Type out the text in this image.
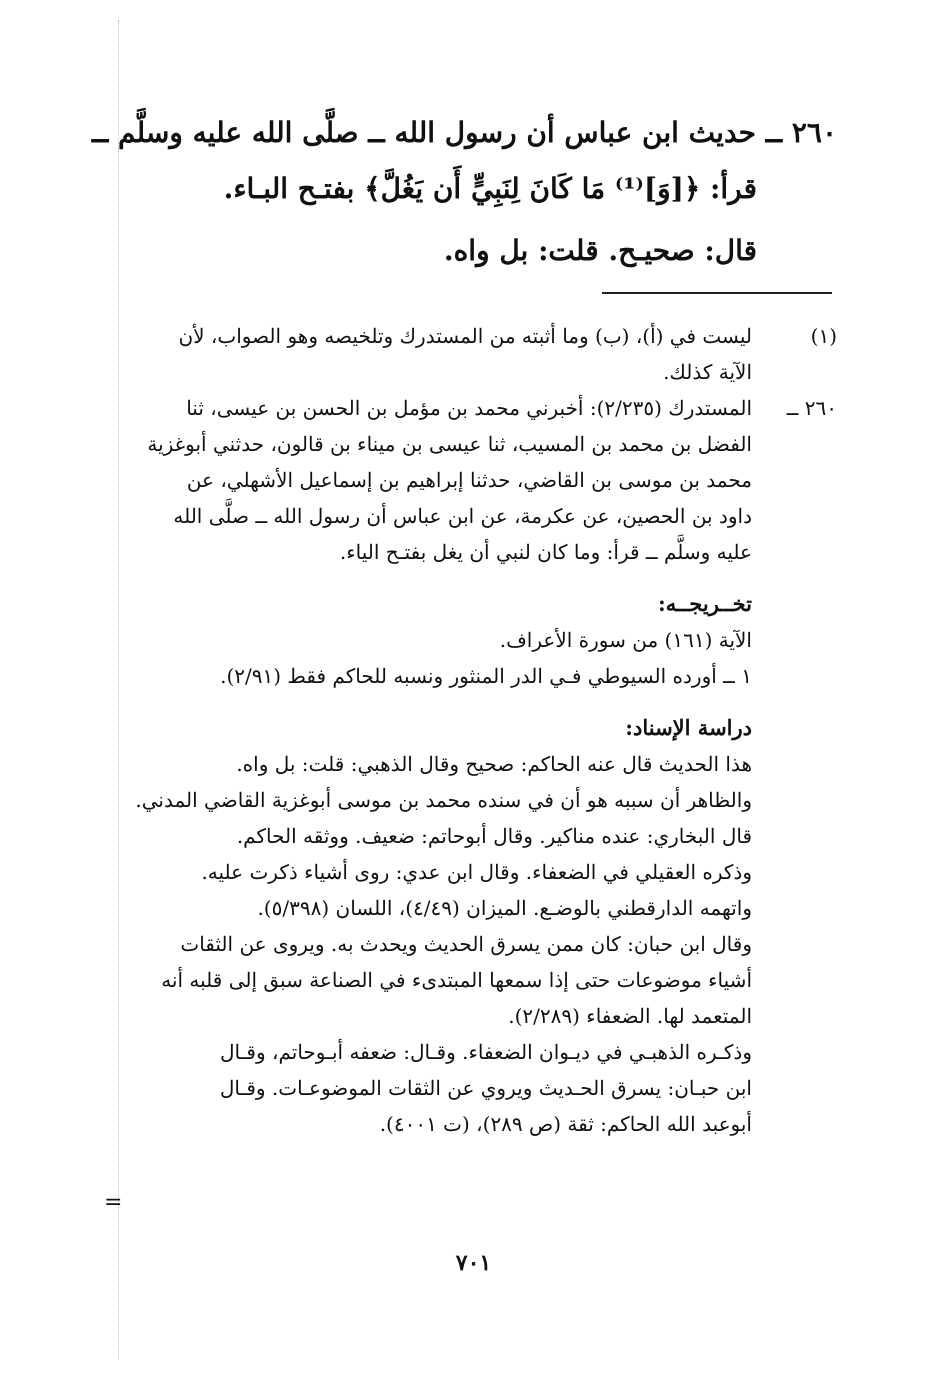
٢٦٠ ــ حديث ابن عباس أن رسول الله ــ صلَّى الله عليه وسلَّم ــ
قرأ: ﴿[وَ]⁽¹⁾ مَا كَانَ لِنَبِيٍّ أَن يَغُلَّ﴾ بفتـح البـاء.
قال: صحيـح. قلت: بل واه.
(١)
ليست في (أ)، (ب) وما أثبته من المستدرك وتلخيصه وهو الصواب، لأن
الآية كذلك.
٢٦٠ ــ
المستدرك (٢/٢٣٥): أخبرني محمد بن مؤمل بن الحسن بن عيسى، ثنا
الفضل بن محمد بن المسيب، ثنا عيسى بن ميناء بن قالون، حدثني أبوغزية
محمد بن موسى بن القاضي، حدثنا إبراهيم بن إسماعيل الأشهلي، عن
داود بن الحصين، عن عكرمة، عن ابن عباس أن رسول الله ــ صلَّى الله
عليه وسلَّم ــ قرأ: وما كان لنبي أن يغل بفتـح الياء.
تخــريجــه:
الآية (١٦١) من سورة الأعراف.
١ ــ أورده السيوطي فـي الدر المنثور ونسبه للحاكم فقط (٢/٩١).
دراسة الإسناد:
هذا الحديث قال عنه الحاكم: صحيح وقال الذهبي: قلت: بل واه.
والظاهر أن سببه هو أن في سنده محمد بن موسى أبوغزية القاضي المدني.
قال البخاري: عنده مناكير. وقال أبوحاتم: ضعيف. ووثقه الحاكم.
وذكره العقيلي في الضعفاء. وقال ابن عدي: روى أشياء ذكرت عليه.
واتهمه الدارقطني بالوضـع. الميزان (٤/٤٩)، اللسان (٥/٣٩٨).
وقال ابن حبان: كان ممن يسرق الحديث ويحدث به. ويروى عن الثقات
أشياء موضوعات حتى إذا سمعها المبتدىء في الصناعة سبق إلى قلبه أنه
المتعمد لها. الضعفاء (٢/٢٨٩).
وذكـره الذهبـي في ديـوان الضعفاء. وقـال: ضعفه أبـوحاتم، وقـال
ابن حبـان: يسرق الحـديث ويروي عن الثقات الموضوعـات. وقـال
أبوعبد الله الحاكم: ثقة (ص ٢٨٩)، (ت ٤٠٠١).
=
٧٠١
